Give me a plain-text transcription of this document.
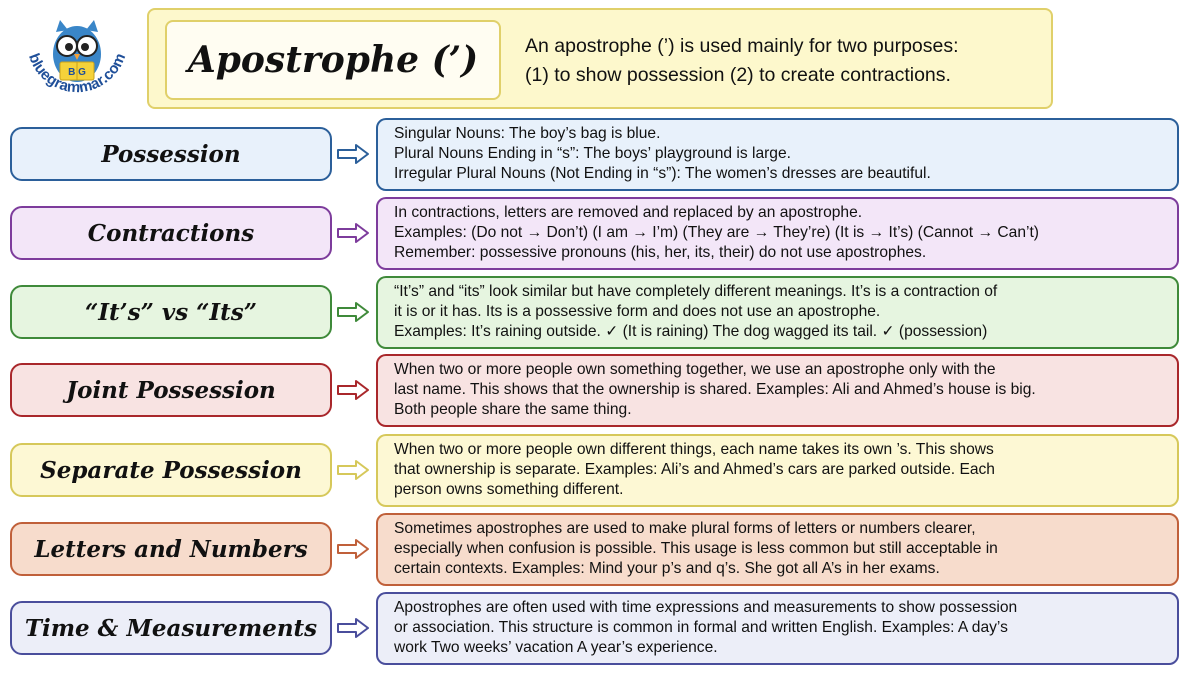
B G
bluegrammar.com Apostrophe (’) An apostrophe (’) is used mainly for two purposes:
(1) to show possession (2) to create contractions.
Possession
Singular Nouns: The boy’s bag is blue.
Plural Nouns Ending in “s”: The boys’ playground is large.
Irregular Plural Nouns (Not Ending in “s”): The women’s dresses are beautiful.
Contractions
In contractions, letters are removed and replaced by an apostrophe.
Examples: (Do not → Don’t) (I am → I’m) (They are → They’re) (It is → It’s) (Cannot → Can’t)
Remember: possessive pronouns (his, her, its, their) do not use apostrophes.
“It’s” vs “Its”
“It’s” and “its” look similar but have completely different meanings. It’s is a contraction of
it is or it has. Its is a possessive form and does not use an apostrophe.
Examples: It’s raining outside. ✓ (It is raining) The dog wagged its tail. ✓ (possession)
Joint Possession
When two or more people own something together, we use an apostrophe only with the
last name. This shows that the ownership is shared. Examples: Ali and Ahmed’s house is big.
Both people share the same thing.
Separate Possession
When two or more people own different things, each name takes its own ’s. This shows
that ownership is separate. Examples: Ali’s and Ahmed’s cars are parked outside. Each
person owns something different.
Letters and Numbers
Sometimes apostrophes are used to make plural forms of letters or numbers clearer,
especially when confusion is possible. This usage is less common but still acceptable in
certain contexts. Examples: Mind your p’s and q’s. She got all A’s in her exams.
Time & Measurements
Apostrophes are often used with time expressions and measurements to show possession
or association. This structure is common in formal and written English. Examples: A day’s
work Two weeks’ vacation A year’s experience.
